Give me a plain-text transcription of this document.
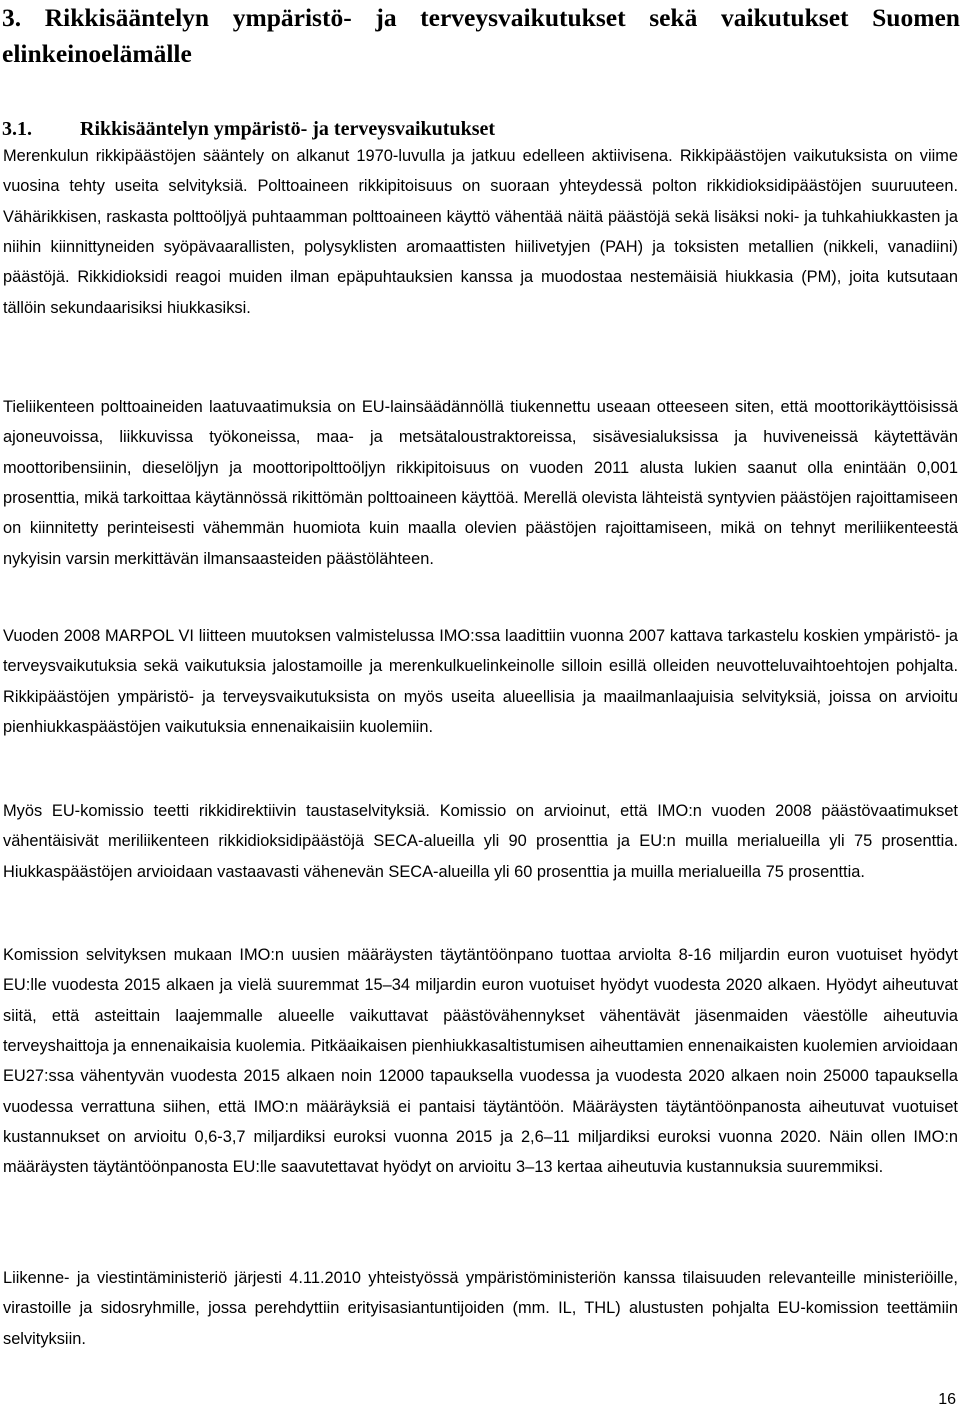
3. Rikkisääntelyn ympäristö- ja terveysvaikutukset sekä vaikutukset Suomen elinkeinoelämälle
3.1. Rikkisääntelyn ympäristö- ja terveysvaikutukset

Merenkulun rikkipäästöjen sääntely on alkanut 1970-luvulla ja jatkuu edelleen aktiivisena. Rikkipäästöjen vaikutuksista on viime vuosina tehty useita selvityksiä. Polttoaineen rikkipitoisuus on suoraan yhteydessä polton rikkidioksidipäästöjen suuruuteen. Vähärikkisen, raskasta polttoöljyä puhtaamman polttoaineen käyttö vähentää näitä päästöjä sekä lisäksi noki- ja tuhkahiukkasten ja niihin kiinnittyneiden syöpävaarallisten, polysyklisten aromaattisten hiilivetyjen (PAH) ja toksisten metallien (nikkeli, vanadiini) päästöjä. Rikkidioksidi reagoi muiden ilman epäpuhtauksien kanssa ja muodostaa nestemäisiä hiukkasia (PM), joita kutsutaan tällöin sekundaarisiksi hiukkasiksi.

Tieliikenteen polttoaineiden laatuvaatimuksia on EU-lainsäädännöllä tiukennettu useaan otteeseen siten, että moottorikäyttöisissä ajoneuvoissa, liikkuvissa työkoneissa, maa- ja metsätaloustraktoreissa, sisävesialuksissa ja huviveneissä käytettävän moottoribensiinin, dieselöljyn ja moottoripolttoöljyn rikkipitoisuus on vuoden 2011 alusta lukien saanut olla enintään 0,001 prosenttia, mikä tarkoittaa käytännössä rikittömän polttoaineen käyttöä. Merellä olevista lähteistä syntyvien päästöjen rajoittamiseen on kiinnitetty perinteisesti vähemmän huomiota kuin maalla olevien päästöjen rajoittamiseen, mikä on tehnyt meriliikenteestä nykyisin varsin merkittävän ilmansaasteiden päästölähteen.

Vuoden 2008 MARPOL VI liitteen muutoksen valmistelussa IMO:ssa laadittiin vuonna 2007 kattava tarkastelu koskien ympäristö- ja terveysvaikutuksia sekä vaikutuksia jalostamoille ja merenkulkuelinkeinolle silloin esillä olleiden neuvotteluvaihtoehtojen pohjalta. Rikkipäästöjen ympäristö- ja terveysvaikutuksista on myös useita alueellisia ja maailmanlaajuisia selvityksiä, joissa on arvioitu pienhiukkaspäästöjen vaikutuksia ennenaikaisiin kuolemiin.

Myös EU-komissio teetti rikkidirektiivin taustaselvityksiä. Komissio on arvioinut, että IMO:n vuoden 2008 päästövaatimukset vähentäisivät meriliikenteen rikkidioksidipäästöjä SECA-alueilla yli 90 prosenttia ja EU:n muilla merialueilla yli 75 prosenttia. Hiukkaspäästöjen arvioidaan vastaavasti vähenevän SECA-alueilla yli 60 prosenttia ja muilla merialueilla 75 prosenttia.

Komission selvityksen mukaan IMO:n uusien määräysten täytäntöönpano tuottaa arviolta 8-16 miljardin euron vuotuiset hyödyt EU:lle vuodesta 2015 alkaen ja vielä suuremmat 15–34 miljardin euron vuotuiset hyödyt vuodesta 2020 alkaen. Hyödyt aiheutuvat siitä, että asteittain laajemmalle alueelle vaikuttavat päästövähennykset vähentävät jäsenmaiden väestölle aiheutuvia terveyshaittoja ja ennenaikaisia kuolemia. Pitkäaikaisen pienhiukkasaltistumisen aiheuttamien ennenaikaisten kuolemien arvioidaan EU27:ssa vähentyvän vuodesta 2015 alkaen noin 12000 tapauksella vuodessa ja vuodesta 2020 alkaen noin 25000 tapauksella vuodessa verrattuna siihen, että IMO:n määräyksiä ei pantaisi täytäntöön. Määräysten täytäntöönpanosta aiheutuvat vuotuiset kustannukset on arvioitu 0,6-3,7 miljardiksi euroksi vuonna 2015 ja 2,6–11 miljardiksi euroksi vuonna 2020. Näin ollen IMO:n määräysten täytäntöönpanosta EU:lle saavutettavat hyödyt on arvioitu 3–13 kertaa aiheutuvia kustannuksia suuremmiksi.

Liikenne- ja viestintäministeriö järjesti 4.11.2010 yhteistyössä ympäristöministeriön kanssa tilaisuuden relevanteille ministeriöille, virastoille ja sidosryhmille, jossa perehdyttiin erityisasiantuntijoiden (mm. IL, THL) alustusten pohjalta EU-komission teettämiin selvityksiin.

16
